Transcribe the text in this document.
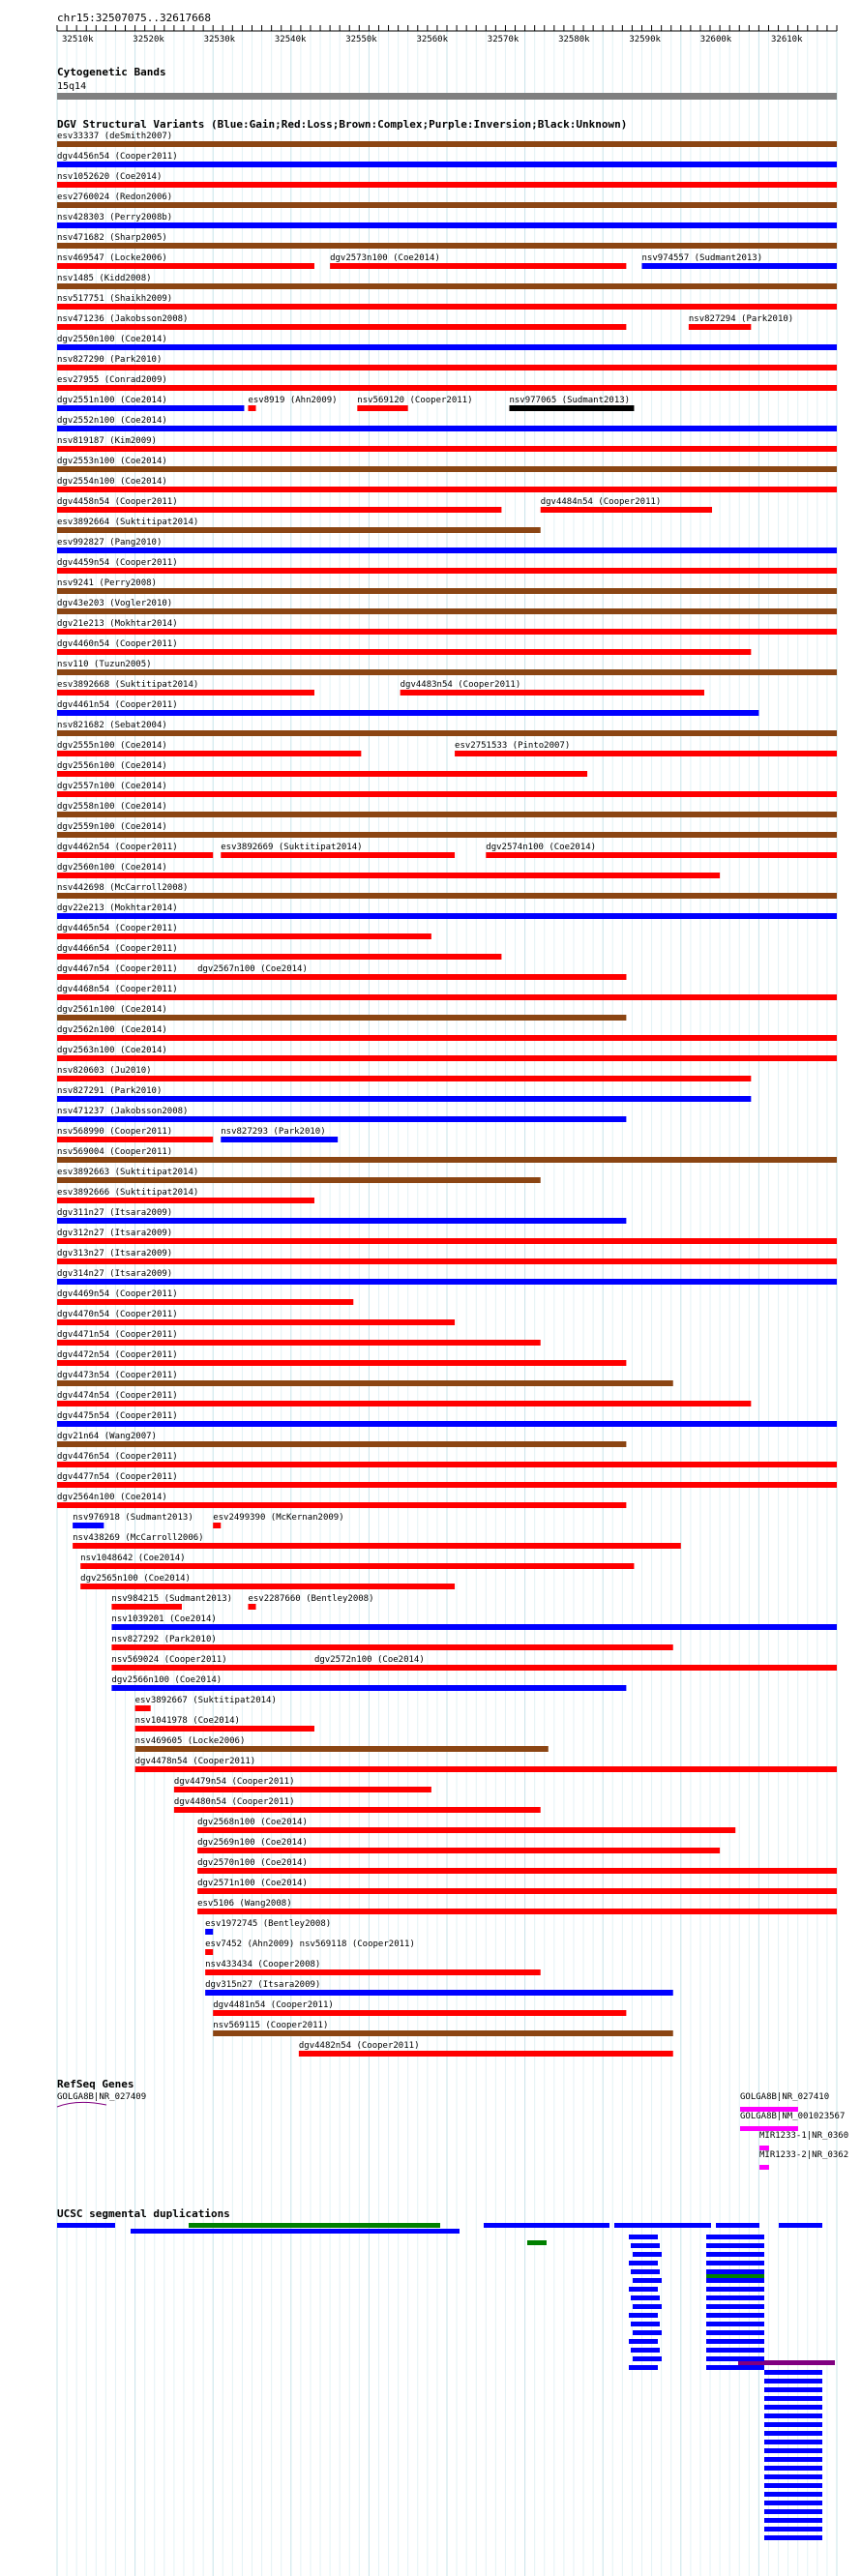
chr15:32507075..32617668
32510k	32520k	32530k	32540k	32550k	32560k	32570k	32580k	32590k	32600k	32610k
Cytogenetic Bands
15q14
DGV Structural Variants (Blue:Gain;Red:Loss;Brown:Complex;Purple:Inversion;Black:Unknown)
esv33337 (deSmith2007)
dgv4456n54 (Cooper2011)
nsv1052620 (Coe2014)
esv2760024 (Redon2006)
nsv428303 (Perry2008b)
nsv471682 (Sharp2005)
nsv469547 (Locke2006)	dgv2573n100 (Coe2014)	nsv974557 (Sudmant2013)
nsv1485 (Kidd2008)
nsv517751 (Shaikh2009)
nsv471236 (Jakobsson2008)	nsv827294 (Park2010)
dgv2550n100 (Coe2014)
nsv827290 (Park2010)
esv27955 (Conrad2009)
dgv2551n100 (Coe2014)	esv8919 (Ahn2009) nsv569120 (Cooper2011)	nsv977065 (Sudmant2013)
dgv2552n100 (Coe2014)
nsv819187 (Kim2009)
dgv2553n100 (Coe2014)
dgv2554n100 (Coe2014)
dgv4458n54 (Cooper2011)	dgv4484n54 (Cooper2011)
esv3892664 (Suktitipat2014)
esv992827 (Pang2010)
dgv4459n54 (Cooper2011)
nsv9241 (Perry2008)
dgv43e203 (Vogler2010)
dgv21e213 (Mokhtar2014)
dgv4460n54 (Cooper2011)
nsv110 (Tuzun2005)
esv3892668 (Suktitipat2014)	dgv4483n54 (Cooper2011)
dgv4461n54 (Cooper2011)
nsv821682 (Sebat2004)
dgv2555n100 (Coe2014)	esv2751533 (Pinto2007)
dgv2556n100 (Coe2014)
dgv2557n100 (Coe2014)
dgv2558n100 (Coe2014)
dgv2559n100 (Coe2014)
dgv4462n54 (Cooper2011)	esv3892669 (Suktitipat2014)	dgv2574n100 (Coe2014)
dgv2560n100 (Coe2014)
nsv442698 (McCarroll2008)
dgv22e213 (Mokhtar2014)
dgv4465n54 (Cooper2011)
dgv4466n54 (Cooper2011)
dgv4467n54 (Cooper2011) dgv2567n100 (Coe2014)
dgv4468n54 (Cooper2011)
dgv2561n100 (Coe2014)
dgv2562n100 (Coe2014)
dgv2563n100 (Coe2014)
nsv820603 (Ju2010)
nsv827291 (Park2010)
nsv471237 (Jakobsson2008)
nsv568990 (Cooper2011)	nsv827293 (Park2010)
nsv569004 (Cooper2011)
esv3892663 (Suktitipat2014)
esv3892666 (Suktitipat2014)
dgv311n27 (Itsara2009)
dgv312n27 (Itsara2009)
dgv313n27 (Itsara2009)
dgv314n27 (Itsara2009)
dgv4469n54 (Cooper2011)
dgv4470n54 (Cooper2011)
dgv4471n54 (Cooper2011)
dgv4472n54 (Cooper2011)
dgv4473n54 (Cooper2011)
dgv4474n54 (Cooper2011)
dgv4475n54 (Cooper2011)
dgv21n64 (Wang2007)
dgv4476n54 (Cooper2011)
dgv4477n54 (Cooper2011)
dgv2564n100 (Coe2014)
nsv976918 (Sudmant2013) esv2499390 (McKernan2009)
nsv438269 (McCarroll2006)
nsv1048642 (Coe2014)
dgv2565n100 (Coe2014)
nsv984215 (Sudmant2013) esv2287660 (Bentley2008)
nsv1039201 (Coe2014)
nsv827292 (Park2010)
nsv569024 (Cooper2011)	dgv2572n100 (Coe2014)
dgv2566n100 (Coe2014)
esv3892667 (Suktitipat2014)
nsv1041978 (Coe2014)
nsv469605 (Locke2006)
dgv4478n54 (Cooper2011)
dgv4479n54 (Cooper2011)
dgv4480n54 (Cooper2011)
dgv2568n100 (Coe2014)
dgv2569n100 (Coe2014)
dgv2570n100 (Coe2014)
dgv2571n100 (Coe2014)
esv5106 (Wang2008)
esv1972745 (Bentley2008)
esv7452 (Ahn2009) nsv569118 (Cooper2011)
nsv433434 (Cooper2008)
dgv315n27 (Itsara2009)
dgv4481n54 (Cooper2011)
nsv569115 (Cooper2011)
dgv4482n54 (Cooper2011)
RefSeq Genes
GOLGA8B|NR_027409	GOLGA8B|NR_027410
GOLGA8B|NM_001023567
MIR1233-1|NR_0360
MIR1233-2|NR_0362
UCSC segmental duplications
